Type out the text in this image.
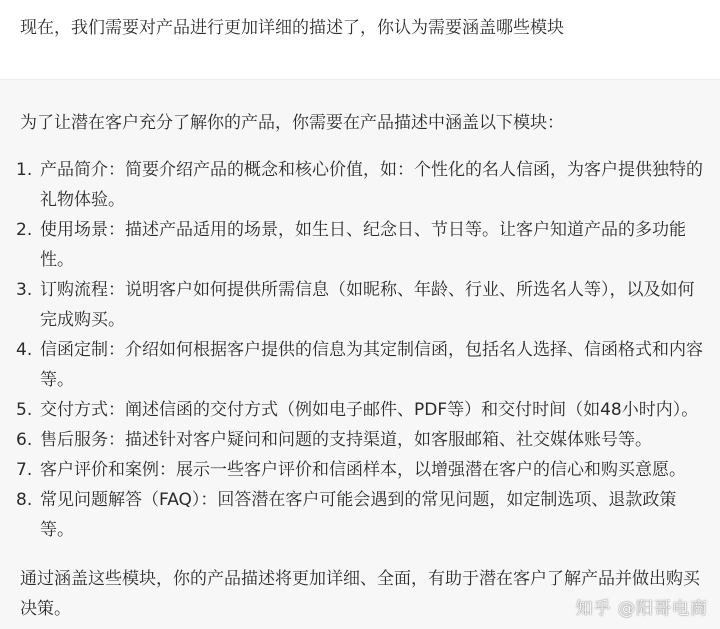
现在，我们需要对产品进行更加详细的描述了，你认为需要涵盖哪些模块
为了让潜在客户充分了解你的产品，你需要在产品描述中涵盖以下模块：
1. 产品简介：简要介绍产品的概念和核心价值，如：个性化的名人信函，为客户提供独特的礼物体验。
2. 使用场景：描述产品适用的场景，如生日、纪念日、节日等。让客户知道产品的多功能性。
3. 订购流程：说明客户如何提供所需信息（如昵称、年龄、行业、所选名人等），以及如何完成购买。
4. 信函定制：介绍如何根据客户提供的信息为其定制信函，包括名人选择、信函格式和内容等。
5. 交付方式：阐述信函的交付方式（例如电子邮件、PDF等）和交付时间（如48小时内）。
6. 售后服务：描述针对客户疑问和问题的支持渠道，如客服邮箱、社交媒体账号等。
7. 客户评价和案例：展示一些客户评价和信函样本，以增强潜在客户的信心和购买意愿。
8. 常见问题解答（FAQ）：回答潜在客户可能会遇到的常见问题，如定制选项、退款政策等。
通过涵盖这些模块，你的产品描述将更加详细、全面，有助于潜在客户了解产品并做出购买决策。	知乎 @阳哥电商
